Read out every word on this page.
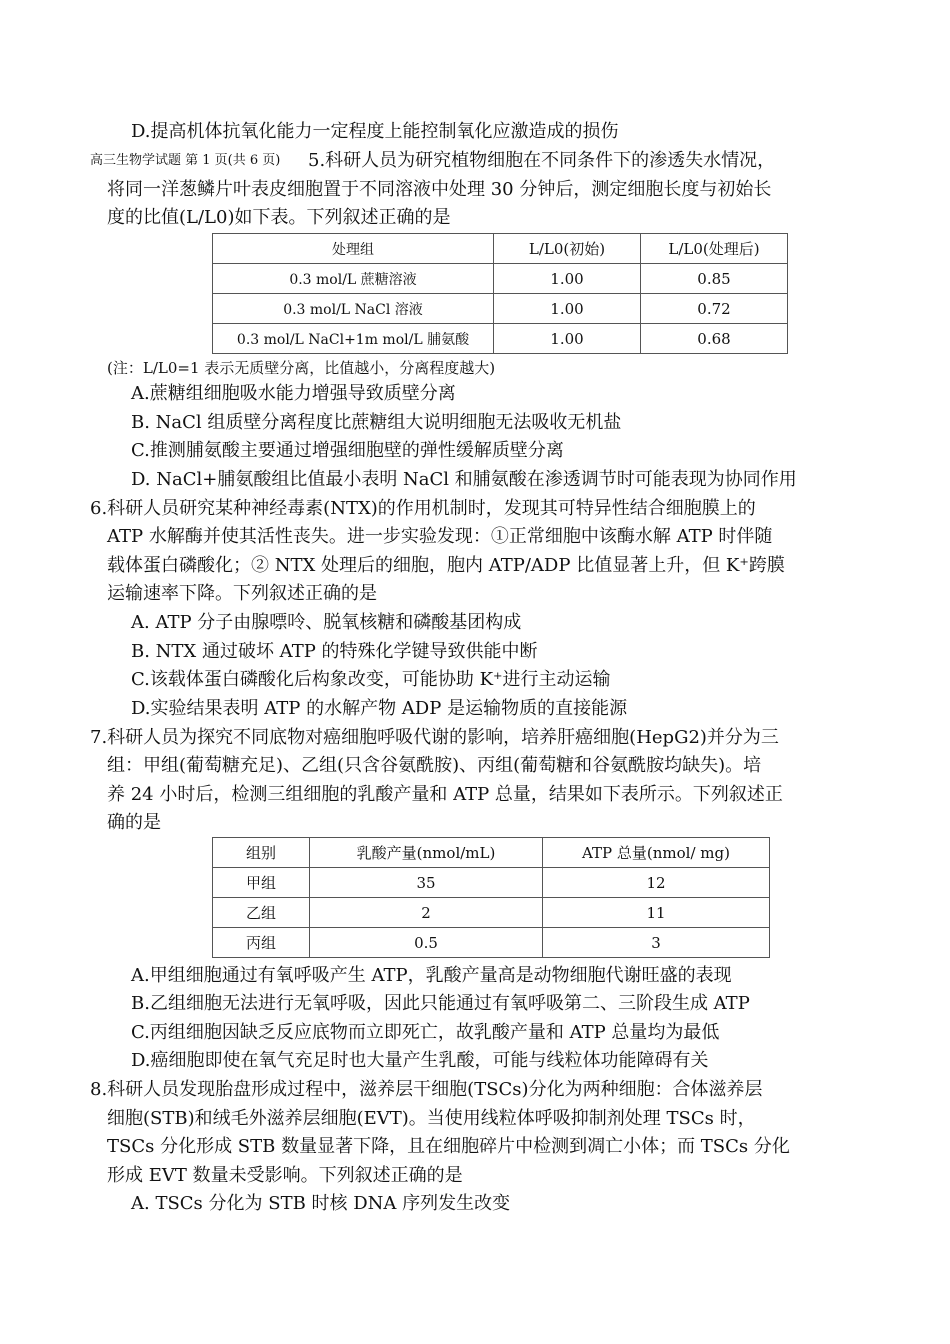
D.提高机体抗氧化能力一定程度上能控制氧化应激造成的损伤
高三生物学试题 第 1 页(共 6 页) 5.科研人员为研究植物细胞在不同条件下的渗透失水情况，
将同一洋葱鳞片叶表皮细胞置于不同溶液中处理 30 分钟后，测定细胞长度与初始长
度的比值(L/L0)如下表。下列叙述正确的是
处理组	L/L0(初始)	L/L0(处理后)
0.3 mol/L 蔗糖溶液	1.00	0.85
0.3 mol/L NaCl 溶液	1.00	0.72
0.3 mol/L NaCl+1m mol/L 脯氨酸	1.00	0.68
(注：L/L0=1 表示无质壁分离，比值越小，分离程度越大)
A.蔗糖组细胞吸水能力增强导致质壁分离
B. NaCl 组质壁分离程度比蔗糖组大说明细胞无法吸收无机盐
C.推测脯氨酸主要通过增强细胞壁的弹性缓解质壁分离
D. NaCl+脯氨酸组比值最小表明 NaCl 和脯氨酸在渗透调节时可能表现为协同作用
6.科研人员研究某种神经毒素(NTX)的作用机制时，发现其可特异性结合细胞膜上的
ATP 水解酶并使其活性丧失。进一步实验发现：①正常细胞中该酶水解 ATP 时伴随
载体蛋白磷酸化；② NTX 处理后的细胞，胞内 ATP/ADP 比值显著上升，但 K⁺跨膜
运输速率下降。下列叙述正确的是
A. ATP 分子由腺嘌呤、脱氧核糖和磷酸基团构成
B. NTX 通过破坏 ATP 的特殊化学键导致供能中断
C.该载体蛋白磷酸化后构象改变，可能协助 K⁺进行主动运输
D.实验结果表明 ATP 的水解产物 ADP 是运输物质的直接能源
7.科研人员为探究不同底物对癌细胞呼吸代谢的影响，培养肝癌细胞(HepG2)并分为三
组：甲组(葡萄糖充足)、乙组(只含谷氨酰胺)、丙组(葡萄糖和谷氨酰胺均缺失)。培
养 24 小时后，检测三组细胞的乳酸产量和 ATP 总量，结果如下表所示。下列叙述正
确的是
组别	乳酸产量(nmol/mL)	ATP 总量(nmol/ mg)
甲组	35	12
乙组	2	11
丙组	0.5	3
A.甲组细胞通过有氧呼吸产生 ATP，乳酸产量高是动物细胞代谢旺盛的表现
B.乙组细胞无法进行无氧呼吸，因此只能通过有氧呼吸第二、三阶段生成 ATP
C.丙组细胞因缺乏反应底物而立即死亡，故乳酸产量和 ATP 总量均为最低
D.癌细胞即使在氧气充足时也大量产生乳酸，可能与线粒体功能障碍有关
8.科研人员发现胎盘形成过程中，滋养层干细胞(TSCs)分化为两种细胞：合体滋养层
细胞(STB)和绒毛外滋养层细胞(EVT)。当使用线粒体呼吸抑制剂处理 TSCs 时，
TSCs 分化形成 STB 数量显著下降，且在细胞碎片中检测到凋亡小体；而 TSCs 分化
形成 EVT 数量未受影响。下列叙述正确的是
A. TSCs 分化为 STB 时核 DNA 序列发生改变
